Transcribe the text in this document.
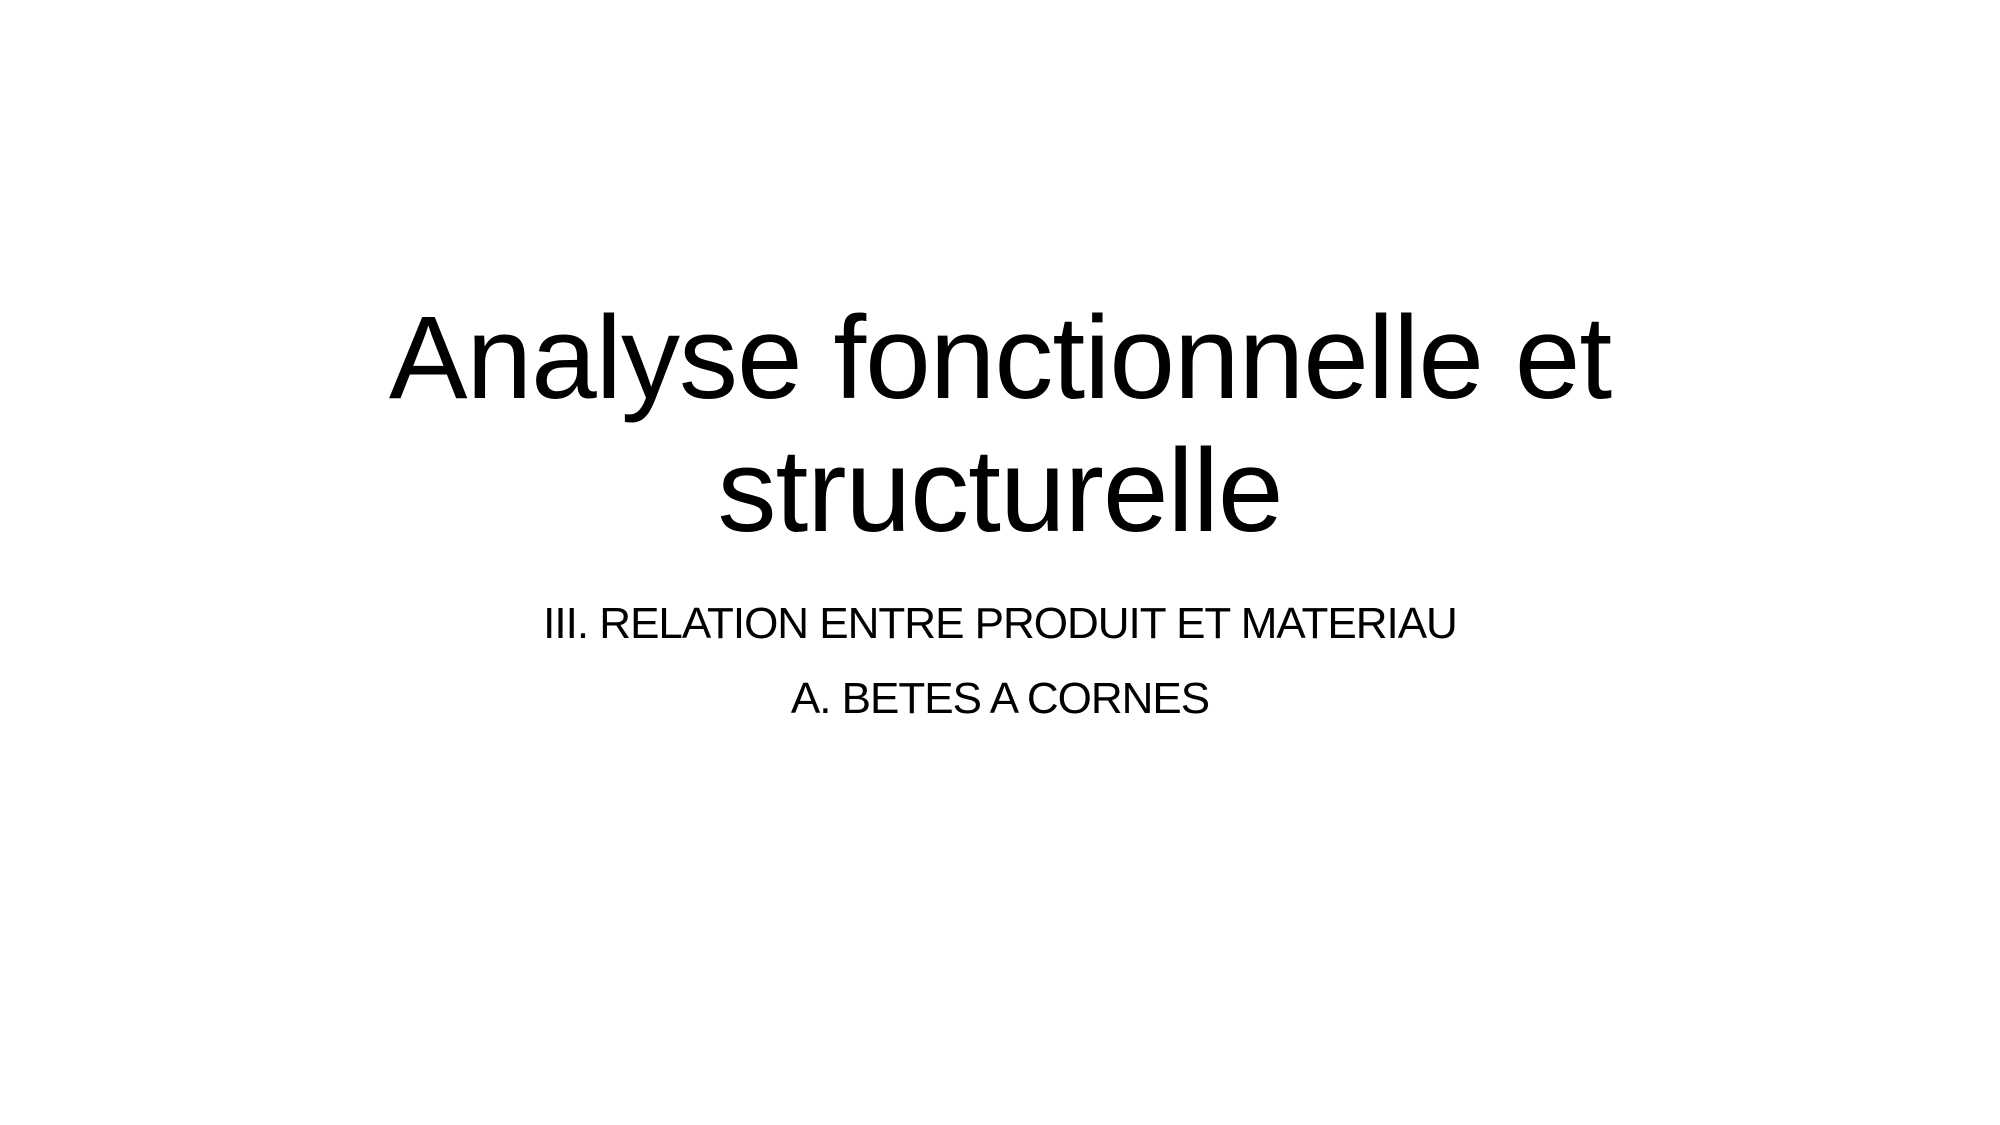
Analyse fonctionnelle et
structurelle
III. RELATION ENTRE PRODUIT ET MATERIAU
A. BETES A CORNES
